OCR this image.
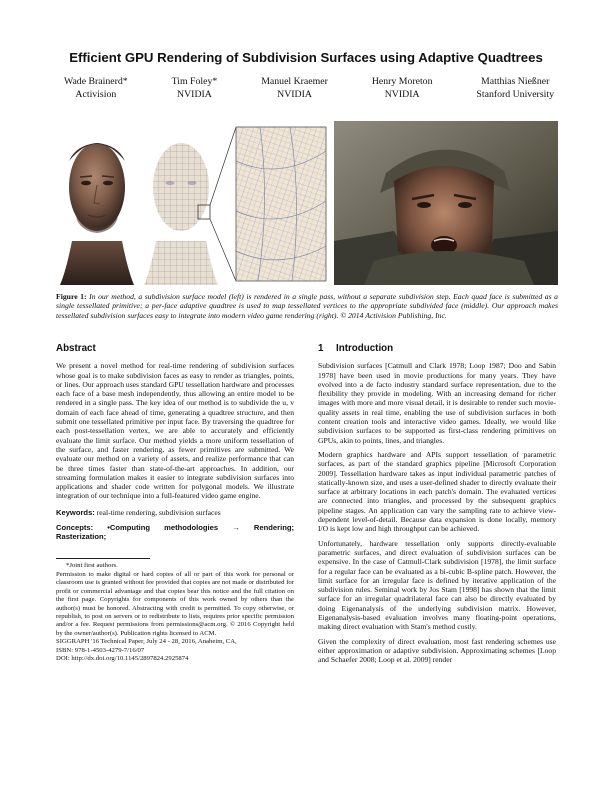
Efficient GPU Rendering of Subdivision Surfaces using Adaptive Quadtrees
Wade Brainerd*
Activision
Tim Foley*
NVIDIA
Manuel Kraemer
NVIDIA
Henry Moreton
NVIDIA
Matthias Nießner
Stanford University
Figure 1: In our method, a subdivision surface model (left) is rendered in a single pass, without a separate subdivision step. Each quad face is submitted as a single tessellated primitive; a per-face adaptive quadtree is used to map tessellated vertices to the appropriate subdivided face (middle). Our approach makes tessellated subdivision surfaces easy to integrate into modern video game rendering (right). © 2014 Activision Publishing, Inc.
Abstract

We present a novel method for real-time rendering of subdivision surfaces whose goal is to make subdivision faces as easy to render as triangles, points, or lines. Our approach uses standard GPU tessellation hardware and processes each face of a base mesh independently, thus allowing an entire model to be rendered in a single pass. The key idea of our method is to subdivide the u, v domain of each face ahead of time, generating a quadtree structure, and then submit one tessellated primitive per input face. By traversing the quadtree for each post-tessellation vertex, we are able to accurately and efficiently evaluate the limit surface. Our method yields a more uniform tessellation of the surface, and faster rendering, as fewer primitives are submitted. We evaluate our method on a variety of assets, and realize performance that can be three times faster than state-of-the-art approaches. In addition, our streaming formulation makes it easier to integrate subdivision surfaces into applications and shader code written for polygonal models. We illustrate integration of our technique into a full-featured video game engine.

Keywords: real-time rendering, subdivision surfaces
Concepts: •Computing methodologies → Rendering; Rasterization;

*Joint first authors.

Permission to make digital or hard copies of all or part of this work for personal or classroom use is granted without fee provided that copies are not made or distributed for profit or commercial advantage and that copies bear this notice and the full citation on the first page. Copyrights for components of this work owned by others than the author(s) must be honored. Abstracting with credit is permitted. To copy otherwise, or republish, to post on servers or to redistribute to lists, requires prior specific permission and/or a fee. Request permissions from permissions@acm.org. © 2016 Copyright held by the owner/author(s). Publication rights licensed to ACM.

SIGGRAPH '16 Technical Paper, July 24 - 28, 2016, Anaheim, CA,

ISBN: 978-1-4503-4279-7/16/07

DOI: http://dx.doi.org/10.1145/2897824.2925874

1 Introduction

Subdivision surfaces [Catmull and Clark 1978; Loop 1987; Doo and Sabin 1978] have been used in movie productions for many years. They have evolved into a de facto industry standard surface representation, due to the flexibility they provide in modeling. With an increasing demand for richer images with more and more visual detail, it is desirable to render such movie-quality assets in real time, enabling the use of subdivision surfaces in both content creation tools and interactive video games. Ideally, we would like subdivision surfaces to be supported as first-class rendering primitives on GPUs, akin to points, lines, and triangles.

Modern graphics hardware and APIs support tessellation of parametric surfaces, as part of the standard graphics pipeline [Microsoft Corporation 2009]. Tessellation hardware takes as input individual parametric patches of statically-known size, and uses a user-defined shader to directly evaluate their surface at arbitrary locations in each patch's domain. The evaluated vertices are connected into triangles, and processed by the subsequent graphics pipeline stages. An application can vary the sampling rate to achieve view-dependent level-of-detail. Because data expansion is done locally, memory I/O is kept low and high throughput can be achieved.

Unfortunately, hardware tessellation only supports directly-evaluable parametric surfaces, and direct evaluation of subdivision surfaces can be expensive. In the case of Catmull-Clark subdivision [1978], the limit surface for a regular face can be evaluated as a bi-cubic B-spline patch. However, the limit surface for an irregular face is defined by iterative application of the subdivision rules. Seminal work by Jos Stam [1998] has shown that the limit surface for an irregular quadrilateral face can also be directly evaluated by doing Eigenanalysis of the underlying subdivision matrix. However, Eigenanalysis-based evaluation involves many floating-point operations, making direct evaluation with Stam's method costly.

Given the complexity of direct evaluation, most fast rendering schemes use either approximation or adaptive subdivision. Approximating schemes [Loop and Schaefer 2008; Loop et al. 2009] render
